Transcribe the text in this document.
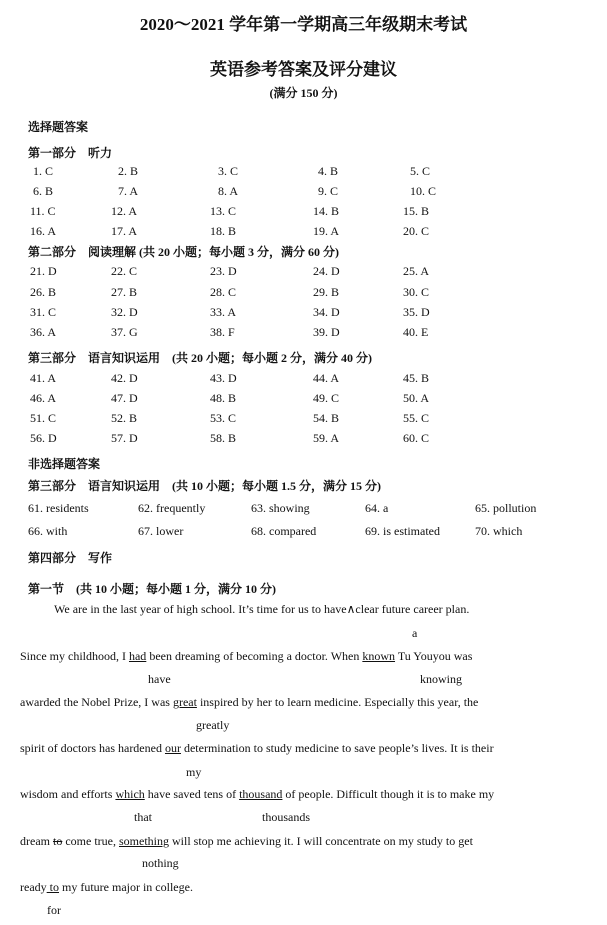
2020～2021 学年第一学期高三年级期末考试
英语参考答案及评分建议
(满分 150 分)
选择题答案
第一部分　听力
1. C	2. B	3. C	4. B	5. C
6. B	7. A	8. A	9. C	10. C
11. C	12. A	13. C	14. B	15. B
16. A	17. A	18. B	19. A	20. C
第二部分　阅读理解 (共 20 小题；每小题 3 分，满分 60 分)
21. D	22. C	23. D	24. D	25. A
26. B	27. B	28. C	29. B	30. C
31. C	32. D	33. A	34. D	35. D
36. A	37. G	38. F	39. D	40. E
第三部分　语言知识运用　(共 20 小题；每小题 2 分，满分 40 分)
41. A	42. D	43. D	44. A	45. B
46. A	47. D	48. B	49. C	50. A
51. C	52. B	53. C	54. B	55. C
56. D	57. D	58. B	59. A	60. C
非选择题答案
第三部分　语言知识运用　(共 10 小题；每小题 1.5 分，满分 15 分)
61. residents	62. frequently	63. showing	64. a	65. pollution
66. with	67. lower	68. compared	69. is estimated	70. which
第四部分　写作
第一节　(共 10 小题；每小题 1 分，满分 10 分)
We are in the last year of high school. It’s time for us to have∧clear future career plan.
a
Since my childhood, I had been dreaming of becoming a doctor. When known Tu Youyou was
have	knowing
awarded the Nobel Prize, I was great inspired by her to learn medicine. Especially this year, the
greatly
spirit of doctors has hardened our determination to study medicine to save people’s lives. It is their
my
wisdom and efforts which have saved tens of thousand of people. Difficult though it is to make my
that	thousands
dream to come true, something will stop me achieving it. I will concentrate on my study to get
nothing
ready to my future major in college.
for
